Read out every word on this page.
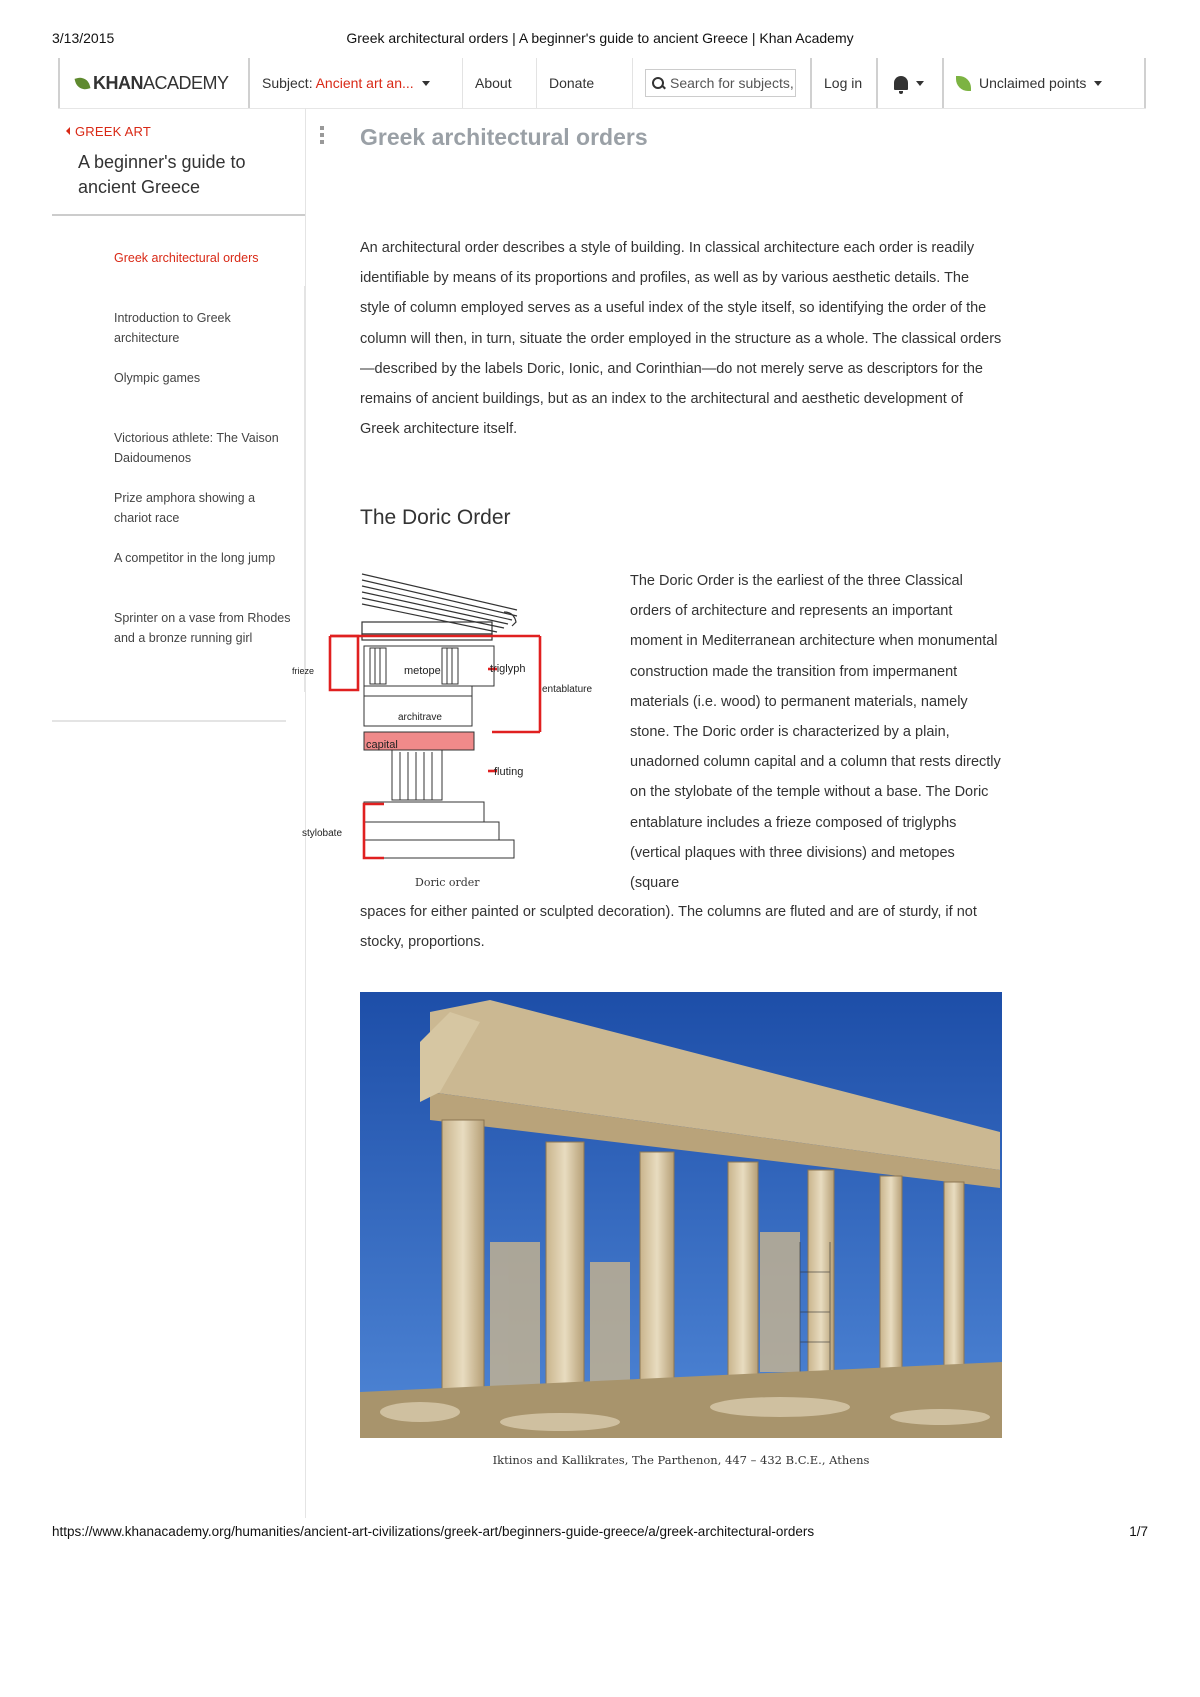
3/13/2015	Greek architectural orders | A beginner's guide to ancient Greece | Khan Academy
KHAN ACADEMY Subject: Ancient art an...	About	Donate	Search for subjects,	Log in	Unclaimed points
GREEK ART
A beginner's guide to ancient Greece
Greek architectural orders
Introduction to Greek architecture
Olympic games
Victorious athlete: The Vaison Daidoumenos
Prize amphora showing a chariot race
A competitor in the long jump
Sprinter on a vase from Rhodes and a bronze running girl
Greek architectural orders

An architectural order describes a style of building. In classical architecture each order is readily identifiable by means of its proportions and profiles, as well as by various aesthetic details. The style of column employed serves as a useful index of the style itself, so identifying the order of the column will then, in turn, situate the order employed in the structure as a whole. The classical orders—described by the labels Doric, Ionic, and Corinthian—do not merely serve as descriptors for the remains of ancient buildings, but as an index to the architectural and aesthetic development of Greek architecture itself.

The Doric Order
frieze	metope	triglyph
entablature
architrave
capital
fluting
stylobate
Doric order

The Doric Order is the earliest of the three Classical orders of architecture and represents an important moment in Mediterranean architecture when monumental construction made the transition from impermanent materials (i.e. wood) to permanent materials, namely stone. The Doric order is characterized by a plain, unadorned column capital and a column that rests directly on the stylobate of the temple without a base. The Doric entablature includes a frieze composed of triglyphs (vertical plaques with three divisions) and metopes (square

spaces for either painted or sculpted decoration). The columns are fluted and are of sturdy, if not stocky, proportions.

Iktinos and Kallikrates, The Parthenon, 447 – 432 B.C.E., Athens
https://www.khanacademy.org/humanities/ancient-art-civilizations/greek-art/beginners-guide-greece/a/greek-architectural-orders	1/7
